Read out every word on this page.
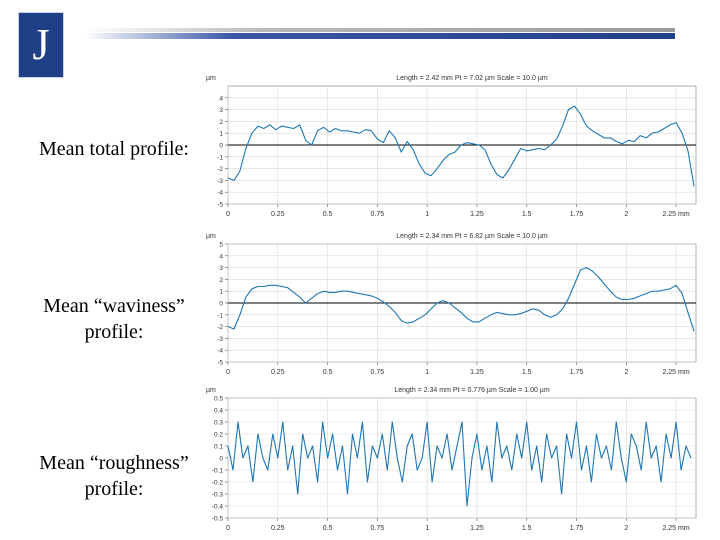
J
Mean total profile:
Mean “waviness”
profile:
Mean “roughness”
profile:
Length = 2.42 mm Pt = 7.02 µm Scale = 10.0 µm
µm
0	0.25	0.5	0.75	1	1.25	1.5	1.75	2	2.25 mm
4
3
2
1
0
-1
-2
-3
-4
-5
Length = 2.34 mm Pt = 6.82 µm Scale = 10.0 µm
µm
0	0.25	0.5	0.75	1	1.25	1.5	1.75	2	2.25 mm
5
4
3
2
1
0
-1
-2
-3
-4
-5
Length = 2.34 mm Pt = 0.776 µm Scale = 1.00 µm
µm
0	0.25	0.5	0.75	1	1.25	1.5	1.75	2	2.25 mm
0.5
0.4
0.3
0.2
0.1
0
-0.1
-0.2
-0.3
-0.4
-0.5
